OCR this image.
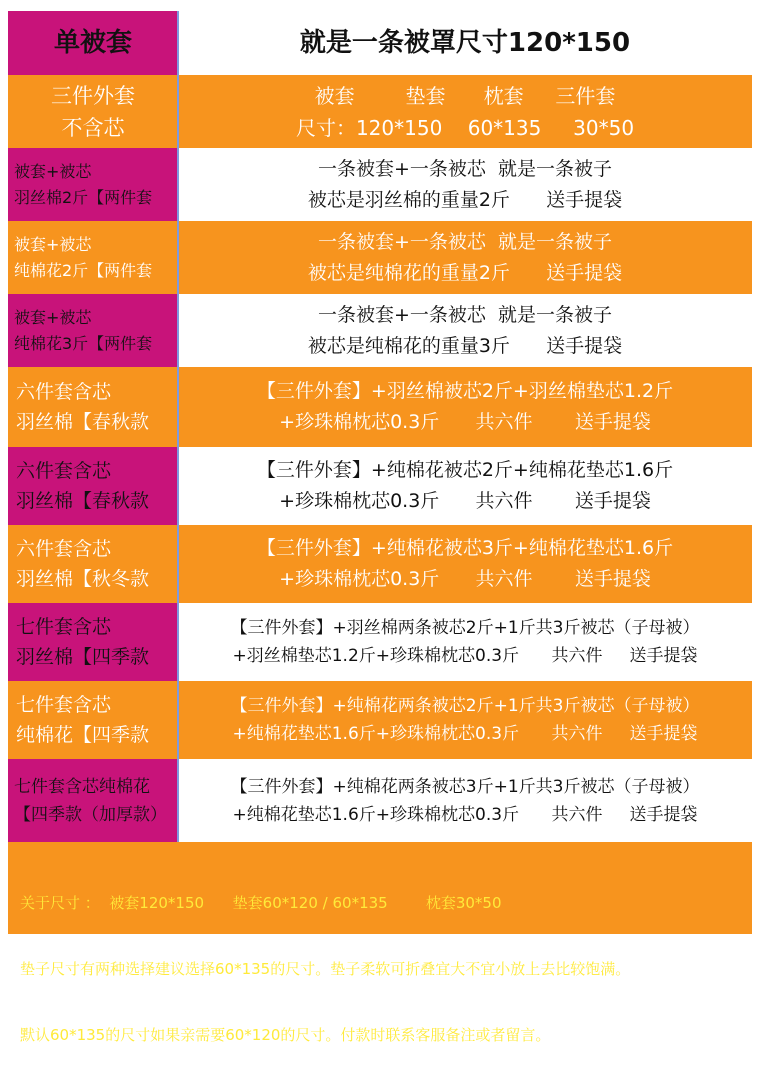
单被套	就是一条被罩尺寸120*150
三件外套
不含芯
被套        垫套      枕套     三件套
尺寸：120*150    60*135     30*50
被套+被芯
羽丝棉2斤【两件套
一条被套+一条被芯  就是一条被子
被芯是羽丝棉的重量2斤      送手提袋
被套+被芯
纯棉花2斤【两件套
一条被套+一条被芯  就是一条被子
被芯是纯棉花的重量2斤      送手提袋
被套+被芯
纯棉花3斤【两件套
一条被套+一条被芯  就是一条被子
被芯是纯棉花的重量3斤      送手提袋
六件套含芯
羽丝棉【春秋款
【三件外套】+羽丝棉被芯2斤+羽丝棉垫芯1.2斤
+珍珠棉枕芯0.3斤      共六件       送手提袋
六件套含芯
羽丝棉【春秋款
【三件外套】+纯棉花被芯2斤+纯棉花垫芯1.6斤
+珍珠棉枕芯0.3斤      共六件       送手提袋
六件套含芯
羽丝棉【秋冬款
【三件外套】+纯棉花被芯3斤+纯棉花垫芯1.6斤
+珍珠棉枕芯0.3斤      共六件       送手提袋
七件套含芯
羽丝棉【四季款
【三件外套】+羽丝棉两条被芯2斤+1斤共3斤被芯（子母被）
+羽丝棉垫芯1.2斤+珍珠棉枕芯0.3斤      共六件     送手提袋
七件套含芯
纯棉花【四季款
【三件外套】+纯棉花两条被芯2斤+1斤共3斤被芯（子母被）
+纯棉花垫芯1.6斤+珍珠棉枕芯0.3斤      共六件     送手提袋
七件套含芯纯棉花
【四季款（加厚款）
【三件外套】+纯棉花两条被芯3斤+1斤共3斤被芯（子母被）
+纯棉花垫芯1.6斤+珍珠棉枕芯0.3斤      共六件     送手提袋

关于尺寸 ：  被套120*150      垫套60*120 / 60*135        枕套30*50

垫子尺寸有两种选择建议选择60*135的尺寸。垫子柔软可折叠宜大不宜小放上去比较饱满。

默认60*135的尺寸如果亲需要60*120的尺寸。付款时联系客服备注或者留言。
